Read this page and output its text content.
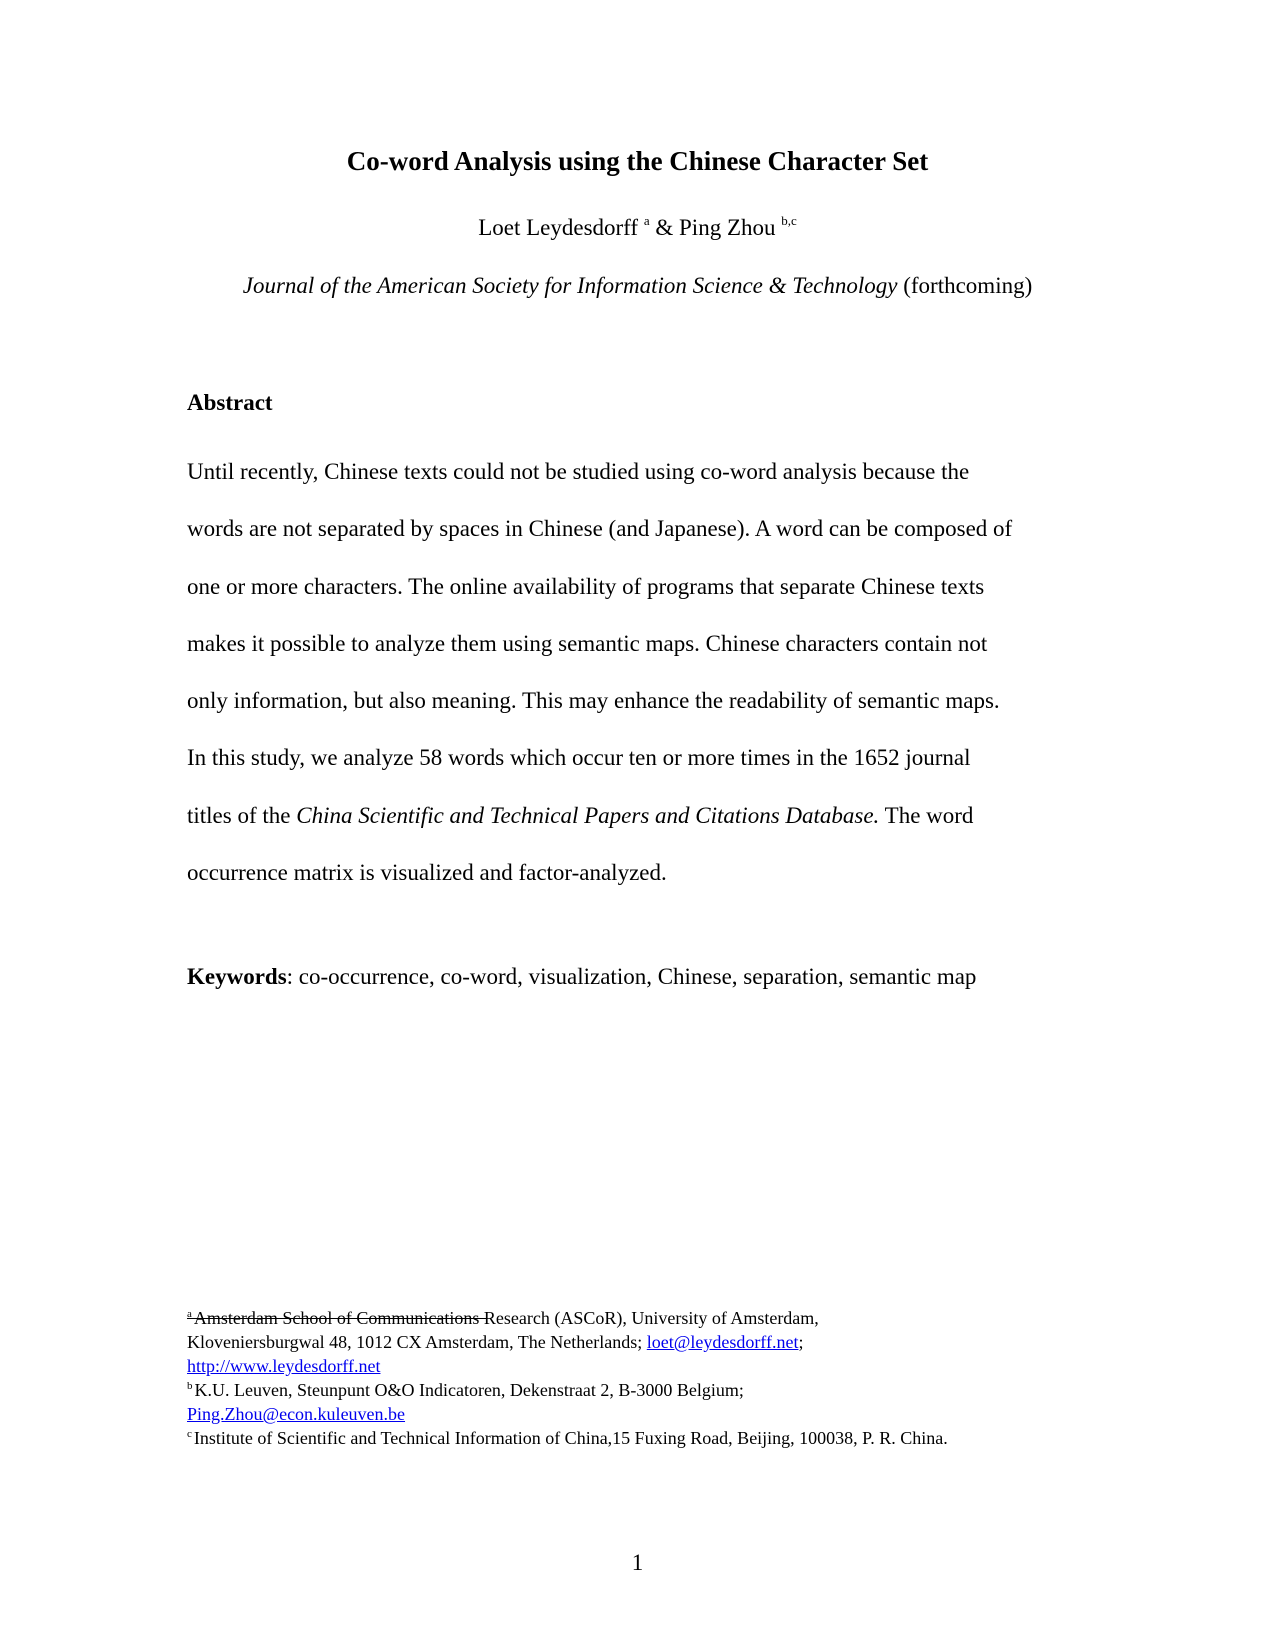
Co-word Analysis using the Chinese Character Set
Loet Leydesdorff $^a$ & Ping Zhou $^{b,c}$
Journal of the American Society for Information Science & Technology (forthcoming)
Abstract
Until recently, Chinese texts could not be studied using co-word analysis because the
words are not separated by spaces in Chinese (and Japanese). A word can be composed of
one or more characters. The online availability of programs that separate Chinese texts
makes it possible to analyze them using semantic maps. Chinese characters contain not
only information, but also meaning. This may enhance the readability of semantic maps.
In this study, we analyze 58 words which occur ten or more times in the 1652 journal
titles of the China Scientific and Technical Papers and Citations Database. The word
occurrence matrix is visualized and factor-analyzed.
Keywords: co-occurrence, co-word, visualization, Chinese, separation, semantic map
$^a$ Amsterdam School of Communications Research (ASCoR), University of Amsterdam,
Kloveniersburgwal 48, 1012 CX Amsterdam, The Netherlands; loet@leydesdorff.net;
http://www.leydesdorff.net
$^b$ K.U. Leuven, Steunpunt O&O Indicatoren, Dekenstraat 2, B-3000 Belgium;
Ping.Zhou@econ.kuleuven.be
$^c$ Institute of Scientific and Technical Information of China,15 Fuxing Road, Beijing, 100038, P. R. China.
1
